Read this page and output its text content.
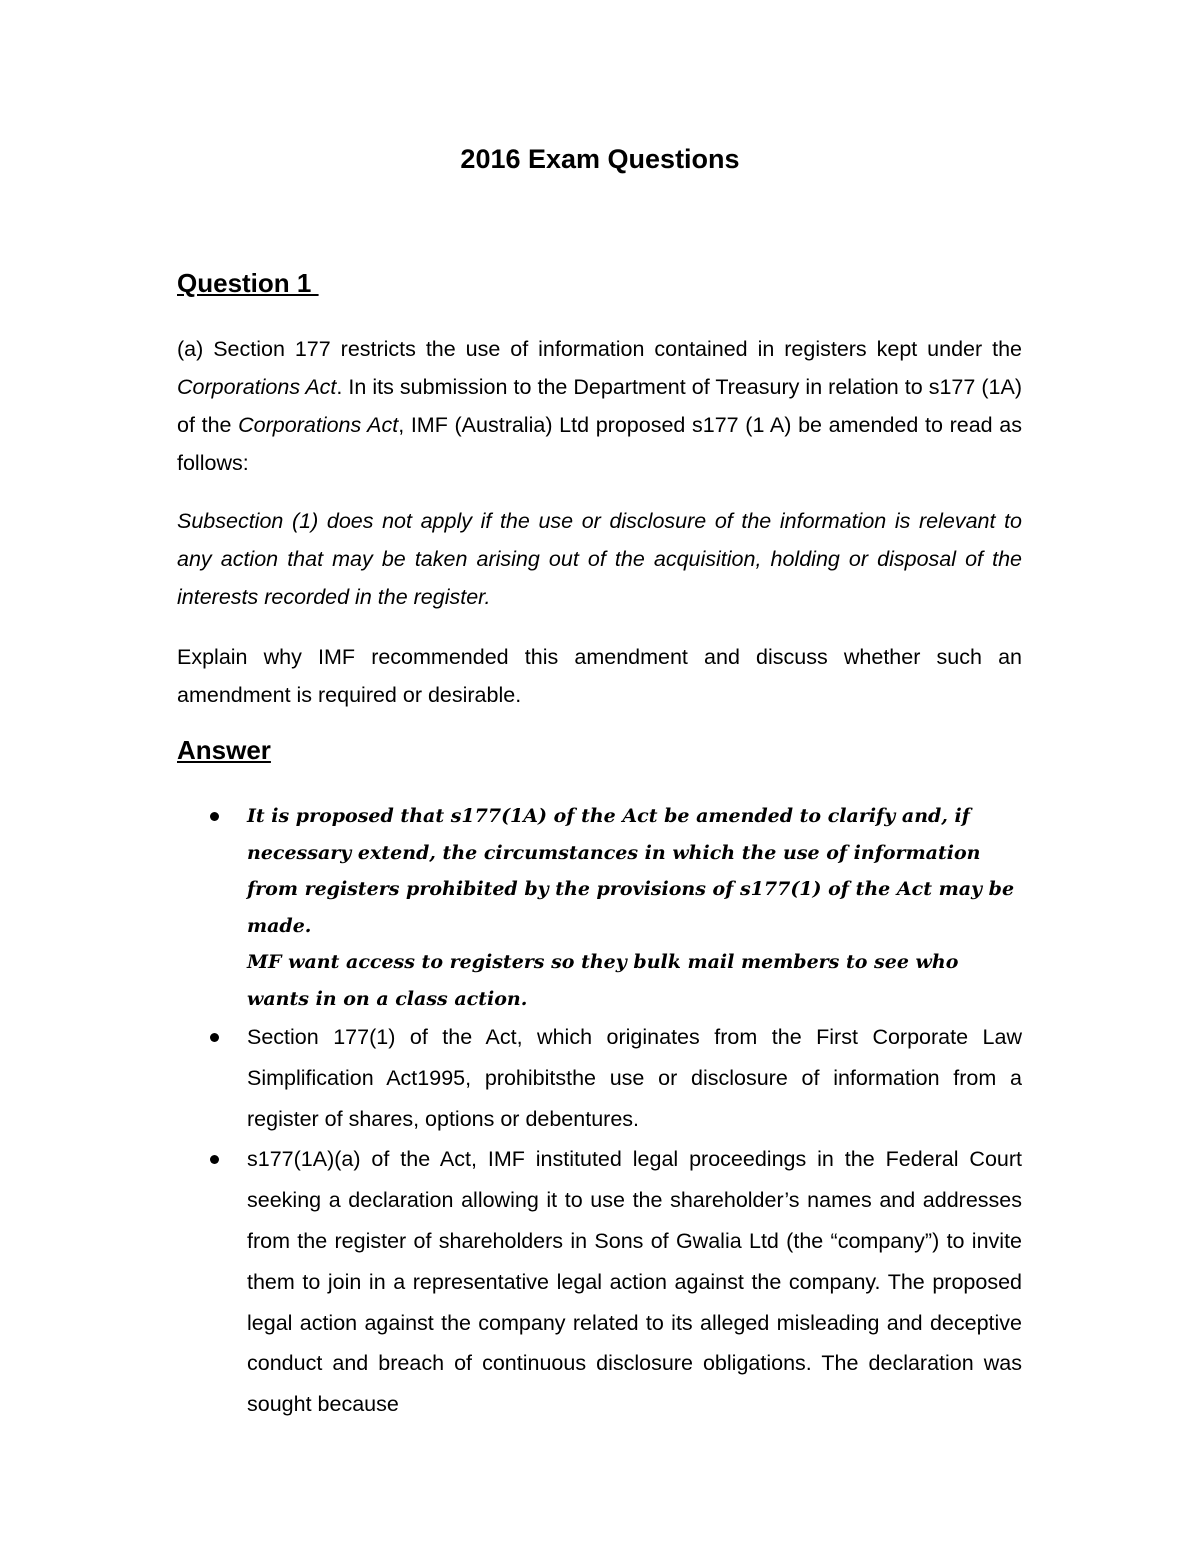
2016 Exam Questions
Question 1

(a) Section 177 restricts the use of information contained in registers kept under the Corporations Act. In its submission to the Department of Treasury in relation to s177 (1A) of the Corporations Act, IMF (Australia) Ltd proposed s177 (1 A) be amended to read as follows:

Subsection (1) does not apply if the use or disclosure of the information is relevant to any action that may be taken arising out of the acquisition, holding or disposal of the interests recorded in the register.

Explain why IMF recommended this amendment and discuss whether such an amendment is required or desirable.

Answer
It is proposed that s177(1A) of the Act be amended to clarify and, if necessary extend, the circumstances in which the use of information from registers prohibited by the provisions of s177(1) of the Act may be made.
MF want access to registers so they bulk mail members to see who wants in on a class action.
Section 177(1) of the Act, which originates from the First Corporate Law Simplification Act1995, prohibitsthe use or disclosure of information from a register of shares, options or debentures.
s177(1A)(a) of the Act, IMF instituted legal proceedings in the Federal Court seeking a declaration allowing it to use the shareholder’s names and addresses from the register of shareholders in Sons of Gwalia Ltd (the “company”) to invite them to join in a representative legal action against the company. The proposed legal action against the company related to its alleged misleading and deceptive conduct and breach of continuous disclosure obligations. The declaration was sought because
